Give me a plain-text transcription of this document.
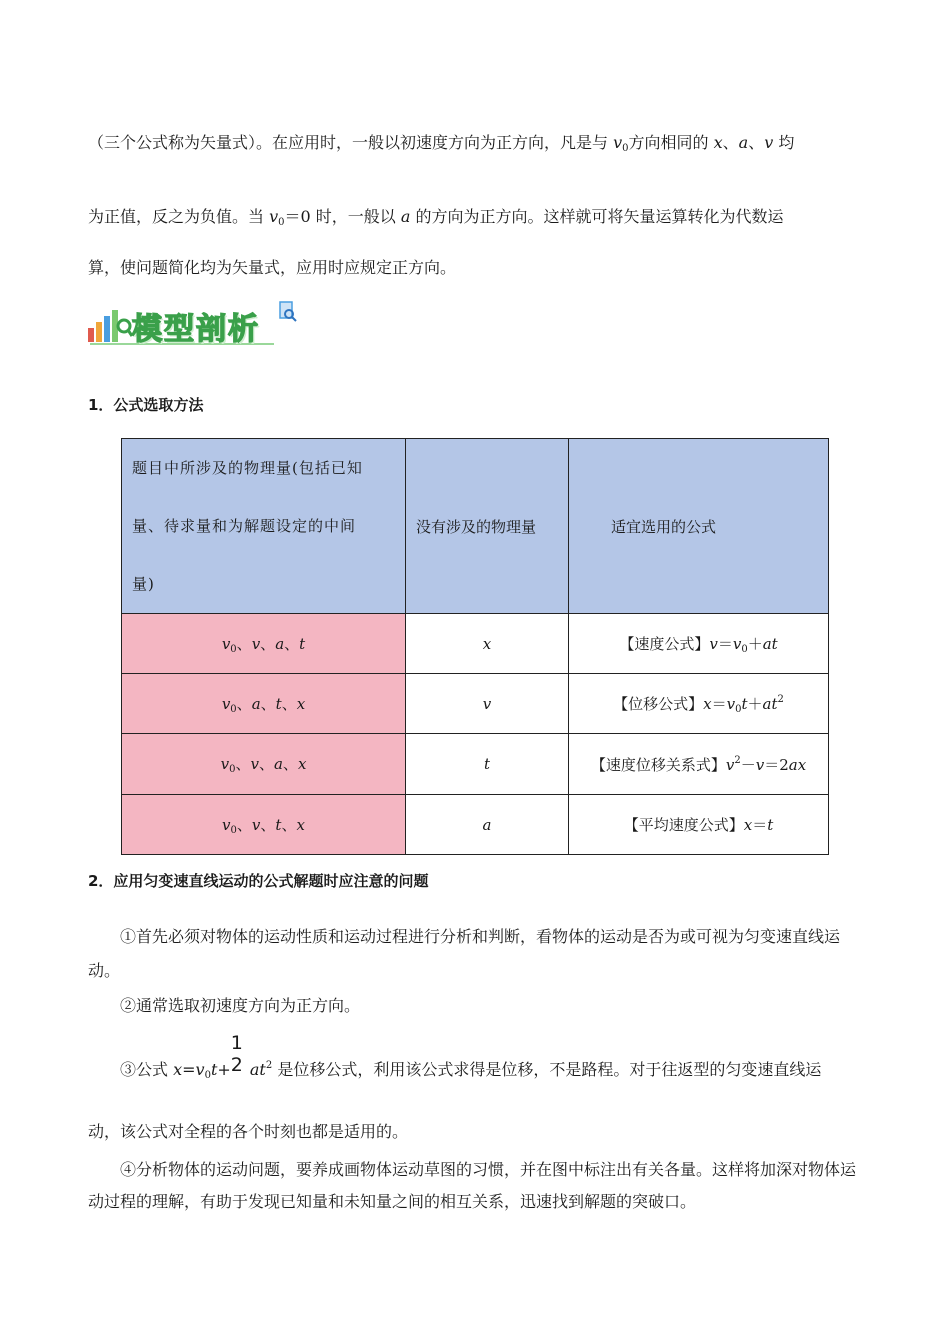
（三个公式称为矢量式）。在应用时，一般以初速度方向为正方向，凡是与 $v_0$方向相同的 x、a、v 均
为正值，反之为负值。当 $v_0=0$ 时，一般以 a 的方向为正方向。这样就可将矢量运算转化为代数运
算，使问题简化均为矢量式，应用时应规定正方向。
模型剖析
1．公式选取方法
题目中所涉及的物理量(包括已知
量、待求量和为解题设定的中间
量)	没有涉及的物理量	适宜选用的公式
$v_0$、v、a、t	x	【速度公式】$v=v_0+at$
$v_0$、a、t、x	v	【位移公式】$x=v_0t+at^2$
$v_0$、v、a、x	t	【速度位移关系式】$v^2-v=2ax$
$v_0$、v、t、x	a	【平均速度公式】x＝t
2．应用匀变速直线运动的公式解题时应注意的问题
①首先必须对物体的运动性质和运动过程进行分析和判断，看物体的运动是否为或可视为匀变速直线运动。
②通常选取初速度方向为正方向。
③公式 $x=v_0t+$
1
2 $at^2$ 是位移公式，利用该公式求得是位移，不是路程。对于往返型的匀变速直线运
动，该公式对全程的各个时刻也都是适用的。
④分析物体的运动问题，要养成画物体运动草图的习惯，并在图中标注出有关各量。这样将加深对物体运动过程的理解，有助于发现已知量和未知量之间的相互关系，迅速找到解题的突破口。
